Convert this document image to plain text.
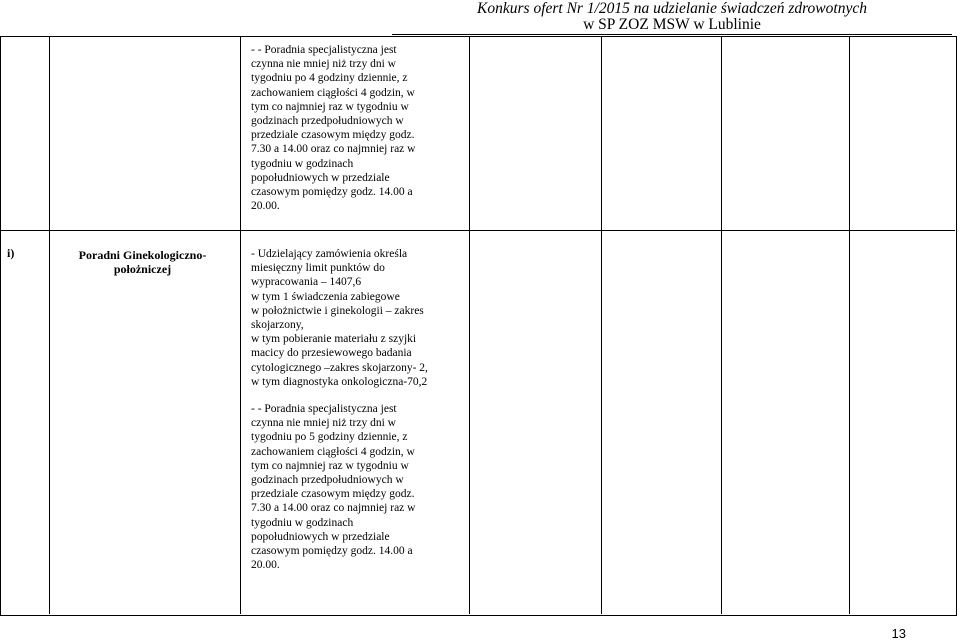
Konkurs ofert Nr 1/2015 na udzielanie świadczeń zdrowotnych
w SP ZOZ MSW w Lublinie
- - Poradnia specjalistyczna jest
czynna nie mniej niż trzy dni w
tygodniu po 4 godziny dziennie, z
zachowaniem ciągłości 4 godzin, w
tym co najmniej raz w tygodniu w
godzinach przedpołudniowych w
przedziale czasowym między godz.
7.30 a 14.00 oraz co najmniej raz w
tygodniu w godzinach
popołudniowych w przedziale
czasowym pomiędzy godz. 14.00 a
20.00.
i)	Poradni Ginekologiczno-
położniczej
- Udzielający zamówienia określa
miesięczny limit punktów do
wypracowania – 1407,6
w tym 1 świadczenia zabiegowe
w położnictwie i ginekologii – zakres
skojarzony,
w tym pobieranie materiału z szyjki
macicy do przesiewowego badania
cytologicznego –zakres skojarzony- 2,
w tym diagnostyka onkologiczna-70,2
- - Poradnia specjalistyczna jest
czynna nie mniej niż trzy dni w
tygodniu po 5 godziny dziennie, z
zachowaniem ciągłości 4 godzin, w
tym co najmniej raz w tygodniu w
godzinach przedpołudniowych w
przedziale czasowym między godz.
7.30 a 14.00 oraz co najmniej raz w
tygodniu w godzinach
popołudniowych w przedziale
czasowym pomiędzy godz. 14.00 a
20.00.
13
